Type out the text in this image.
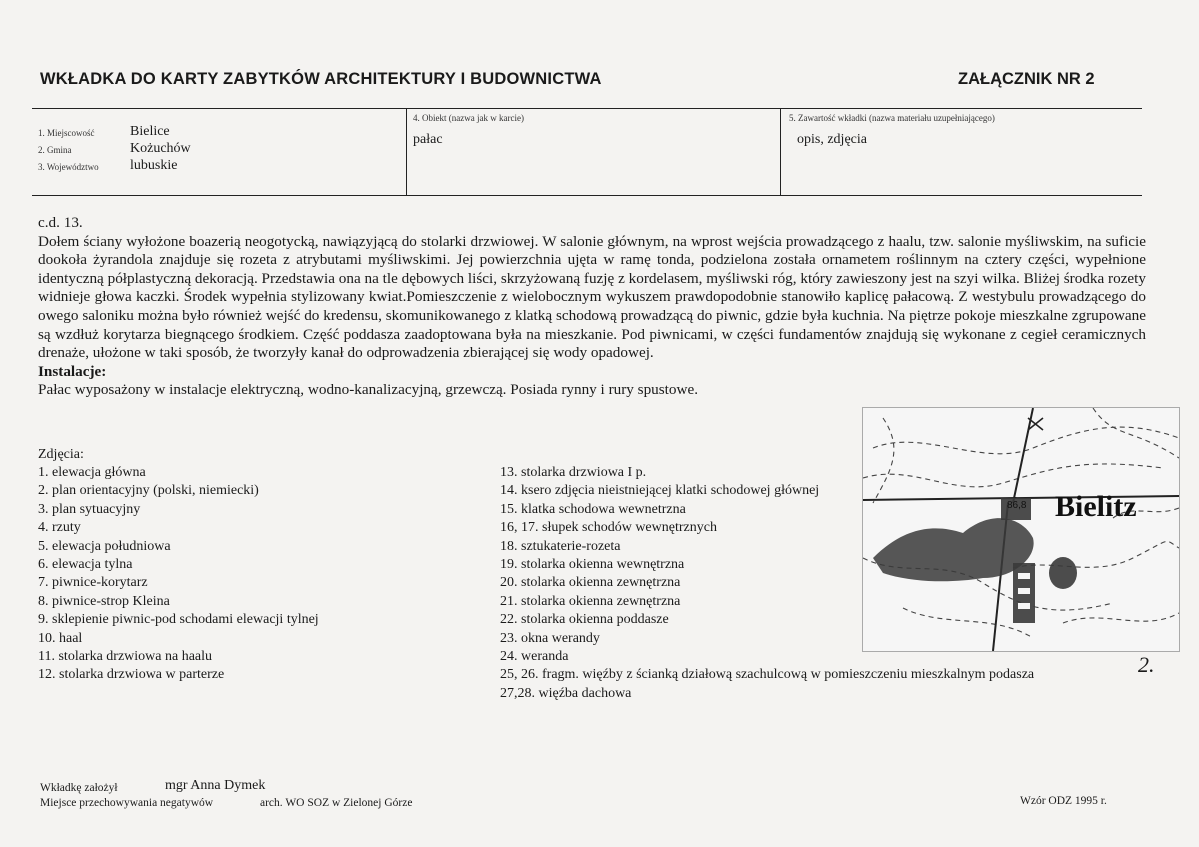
WKŁADKA DO KARTY ZABYTKÓW ARCHITEKTURY I BUDOWNICTWA	ZAŁĄCZNIK NR 2
1. Miejscowość	Bielice
2. Gmina	Kożuchów
3. Województwo lubuskie
4. Obiekt (nazwa jak w karcie)
pałac
5. Zawartość wkładki (nazwa materiału uzupełniającego)
opis, zdjęcia

c.d. 13.

Dołem ściany wyłożone boazerią neogotycką, nawiązyjącą do stolarki drzwiowej. W salonie głównym, na wprost wejścia prowadzącego z haalu, tzw. salonie myśliwskim, na suficie dookoła żyrandola znajduje się rozeta z atrybutami myśliwskimi. Jej powierzchnia ujęta w ramę tonda, podzielona została ornametem roślinnym na cztery części, wypełnione identyczną półplastyczną dekoracją. Przedstawia ona na tle dębowych liści, skrzyżowaną fuzję z kordelasem, myśliwski róg, który zawieszony jest na szyi wilka. Bliżej środka rozety widnieje głowa kaczki. Środek wypełnia stylizowany kwiat.Pomieszczenie z wielobocznym wykuszem prawdopodobnie stanowiło kaplicę pałacową. Z westybulu prowadzącego do owego saloniku można było również wejść do kredensu, skomunikowanego z klatką schodową prowadzącą do piwnic, gdzie była kuchnia. Na piętrze pokoje mieszkalne zgrupowane są wzdłuż korytarza biegnącego środkiem. Część poddasza zaadoptowana była na mieszkanie. Pod piwnicami, w części fundamentów znajdują się wykonane z cegieł ceramicznych drenaże, ułożone w taki sposób, że tworzyły kanał do odprowadzenia zbierającej się wody opadowej.

Instalacje:

Pałac wyposażony w instalacje elektryczną, wodno-kanalizacyjną, grzewczą. Posiada rynny i rury spustowe.

Zdjęcia:
1. elewacja główna
2. plan orientacyjny (polski, niemiecki)
3. plan sytuacyjny
4. rzuty
5. elewacja południowa
6. elewacja tylna
7. piwnice-korytarz
8. piwnice-strop Kleina
9. sklepienie piwnic-pod schodami elewacji tylnej
10. haal
11. stolarka drzwiowa na haalu
12. stolarka drzwiowa w parterze
13. stolarka drzwiowa I p.
14. ksero zdjęcia nieistniejącej klatki schodowej głównej
15. klatka schodowa wewnetrzna
16, 17. słupek schodów wewnętrznych
18. sztukaterie-rozeta
19. stolarka okienna wewnętrzna
20. stolarka okienna zewnętrzna
21. stolarka okienna zewnętrzna
22. stolarka okienna poddasze
23. okna werandy
24. weranda
25, 26. fragm. więźby z ścianką działową szachulcową w pomieszczeniu mieszkalnym podasza
27,28. więźba dachowa
86,8 Bielitz
2.
Wkładkę założył	mgr Anna Dymek
Miejsce przechowywania negatywów	arch. WO SOZ w Zielonej Górze	Wzór ODZ 1995 r.
